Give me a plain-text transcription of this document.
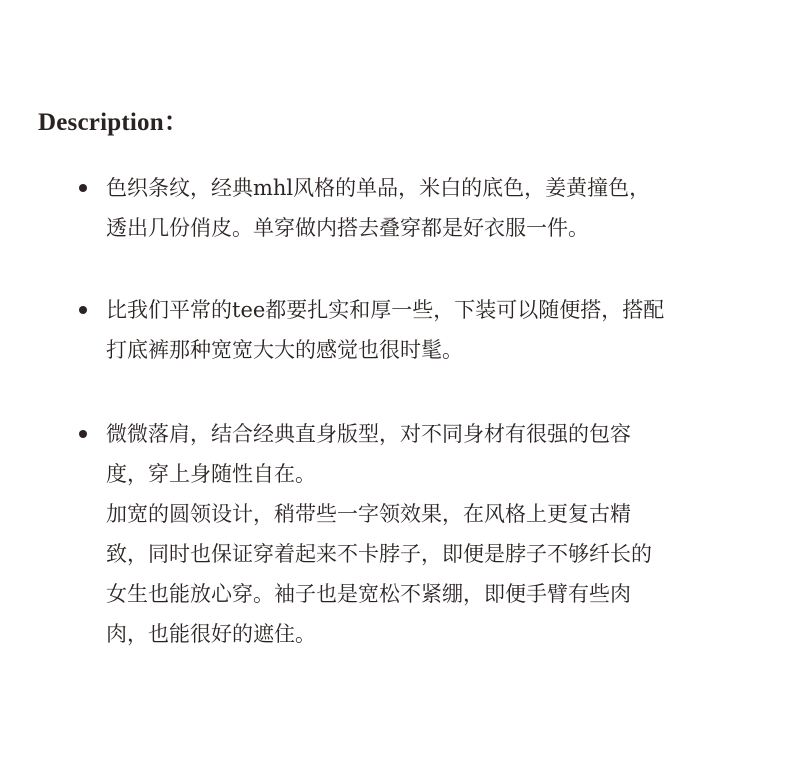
Description：
色织条纹，经典mhl风格的单品，米白的底色，姜黄撞色，
透出几份俏皮。单穿做内搭去叠穿都是好衣服一件。
比我们平常的tee都要扎实和厚一些，下装可以随便搭，搭配
打底裤那种宽宽大大的感觉也很时髦。
微微落肩，结合经典直身版型，对不同身材有很强的包容
度，穿上身随性自在。
加宽的圆领设计，稍带些一字领效果，在风格上更复古精
致，同时也保证穿着起来不卡脖子，即便是脖子不够纤长的
女生也能放心穿。袖子也是宽松不紧绷，即便手臂有些肉
肉，也能很好的遮住。
